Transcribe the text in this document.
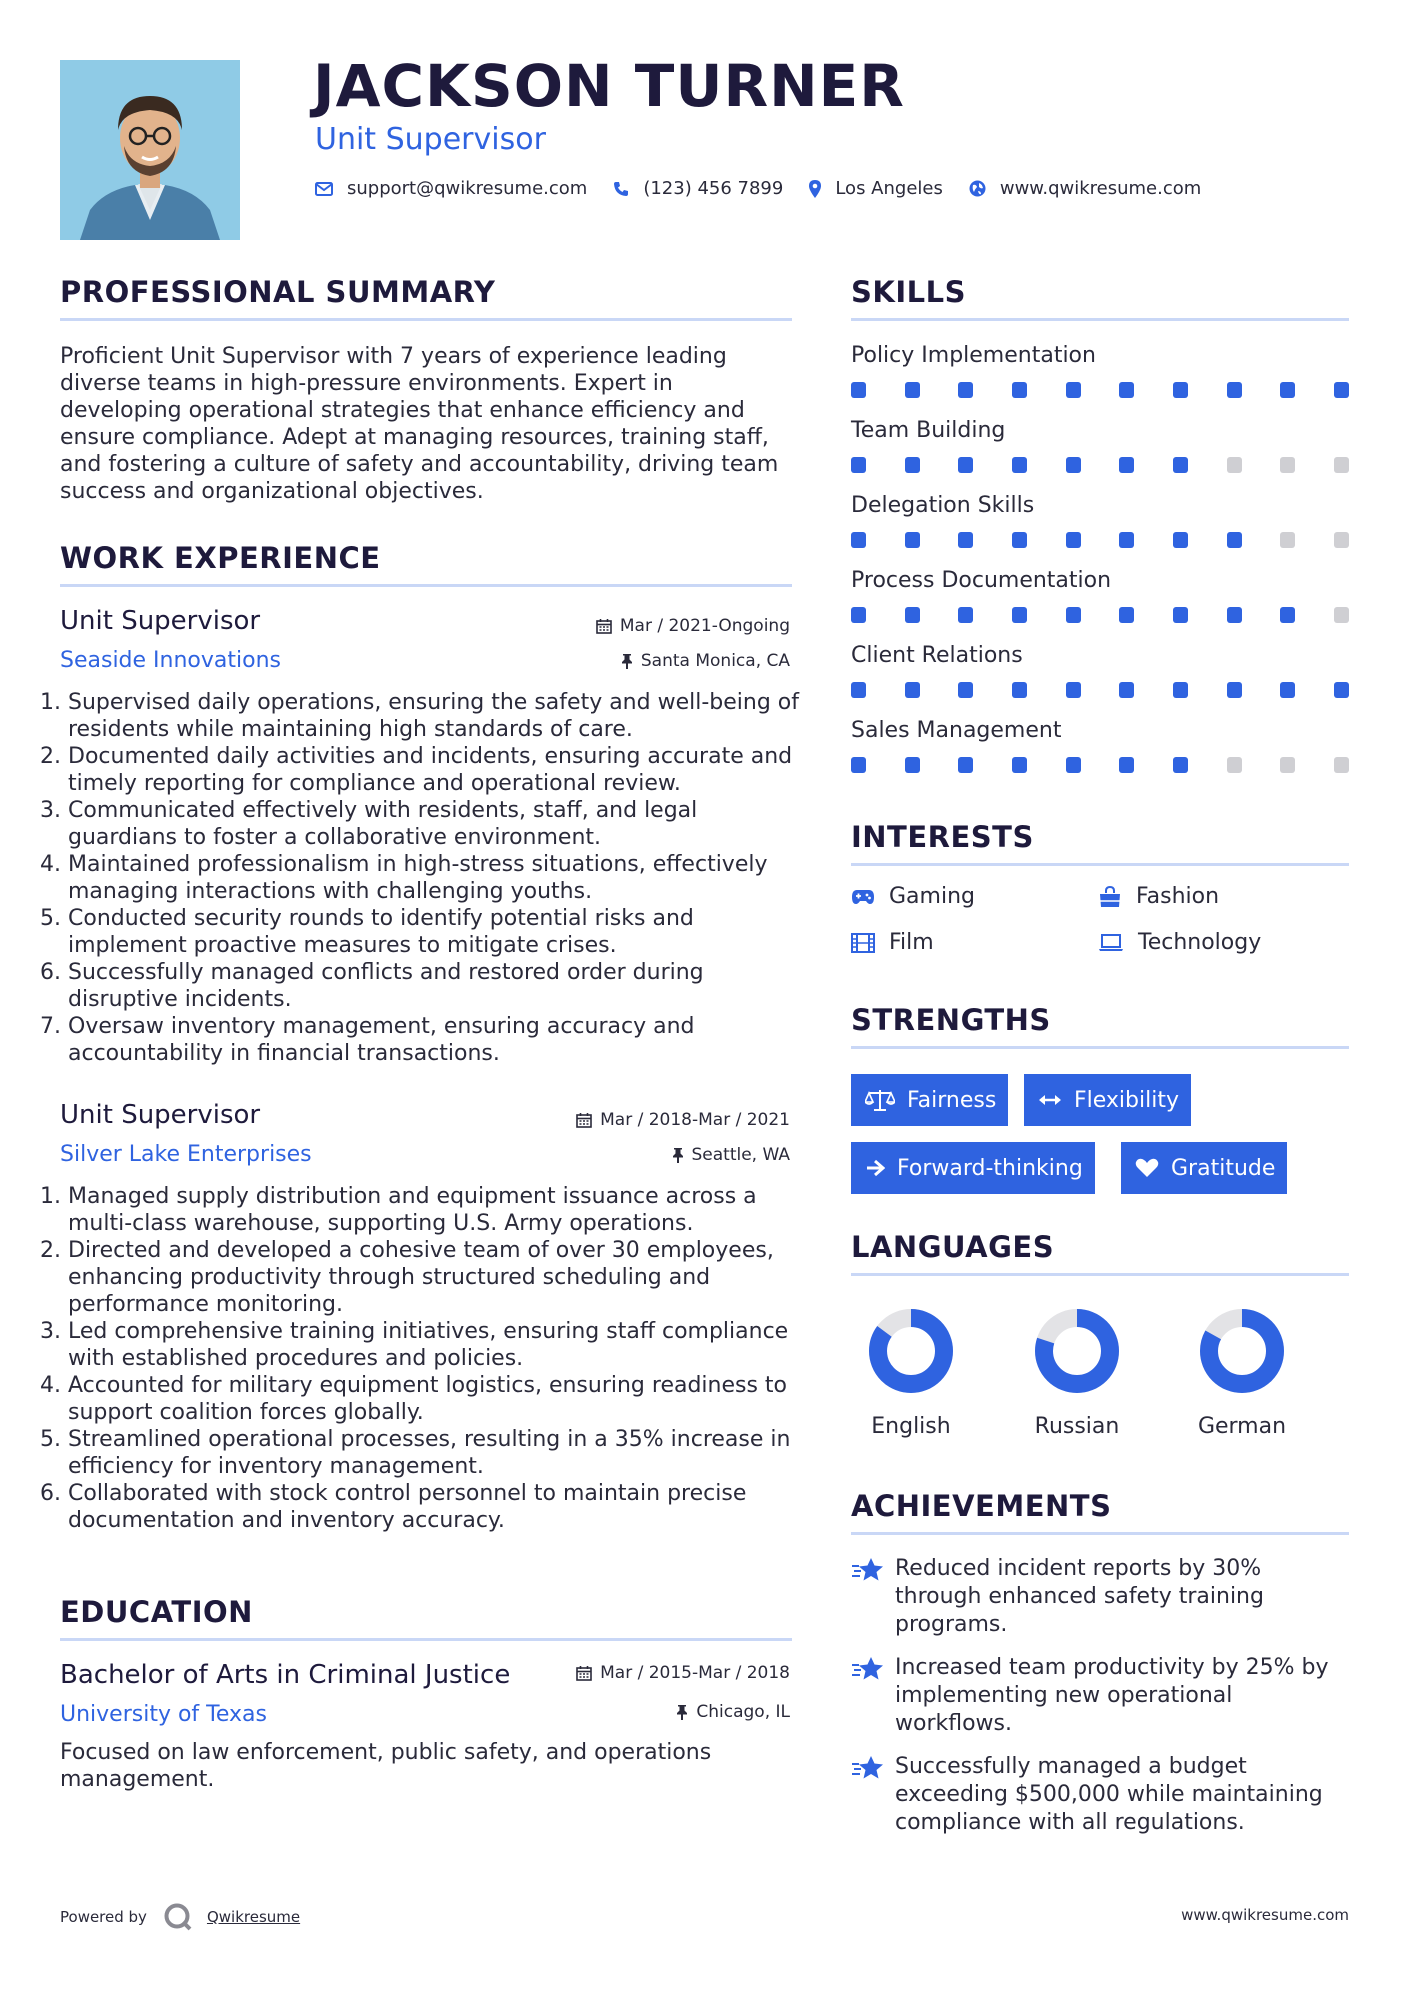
JACKSON TURNER
Unit Supervisor
support@qwikresume.com	(123) 456 7899	Los Angeles	www.qwikresume.com
PROFESSIONAL SUMMARY
Proficient Unit Supervisor with 7 years of experience leading diverse teams in high-pressure environments. Expert in developing operational strategies that enhance efficiency and ensure compliance. Adept at managing resources, training staff, and fostering a culture of safety and accountability, driving team success and organizational objectives.
WORK EXPERIENCE
Unit Supervisor	Mar / 2021-Ongoing
Seaside Innovations	Santa Monica, CA
1. Supervised daily operations, ensuring the safety and well-being of residents while maintaining high standards of care.
2. Documented daily activities and incidents, ensuring accurate and timely reporting for compliance and operational review.
3. Communicated effectively with residents, staff, and legal guardians to foster a collaborative environment.
4. Maintained professionalism in high-stress situations, effectively managing interactions with challenging youths.
5. Conducted security rounds to identify potential risks and implement proactive measures to mitigate crises.
6. Successfully managed conflicts and restored order during disruptive incidents.
7. Oversaw inventory management, ensuring accuracy and accountability in financial transactions.
Unit Supervisor	Mar / 2018-Mar / 2021
Silver Lake Enterprises	Seattle, WA
1. Managed supply distribution and equipment issuance across a multi-class warehouse, supporting U.S. Army operations.
2. Directed and developed a cohesive team of over 30 employees, enhancing productivity through structured scheduling and performance monitoring.
3. Led comprehensive training initiatives, ensuring staff compliance with established procedures and policies.
4. Accounted for military equipment logistics, ensuring readiness to support coalition forces globally.
5. Streamlined operational processes, resulting in a 35% increase in efficiency for inventory management.
6. Collaborated with stock control personnel to maintain precise documentation and inventory accuracy.
EDUCATION
Bachelor of Arts in Criminal Justice	Mar / 2015-Mar / 2018
University of Texas	Chicago, IL
Focused on law enforcement, public safety, and operations management.
SKILLS
Policy Implementation
Team Building
Delegation Skills
Process Documentation
Client Relations
Sales Management
INTERESTS
Gaming	Fashion
Film	Technology
STRENGTHS
Fairness	Flexibility
Forward-thinking	Gratitude
LANGUAGES
English	Russian	German
ACHIEVEMENTS
Reduced incident reports by 30% through enhanced safety training programs.
Increased team productivity by 25% by implementing new operational workflows.
Successfully managed a budget exceeding $500,000 while maintaining compliance with all regulations.
Powered by	Qwikresume	www.qwikresume.com
